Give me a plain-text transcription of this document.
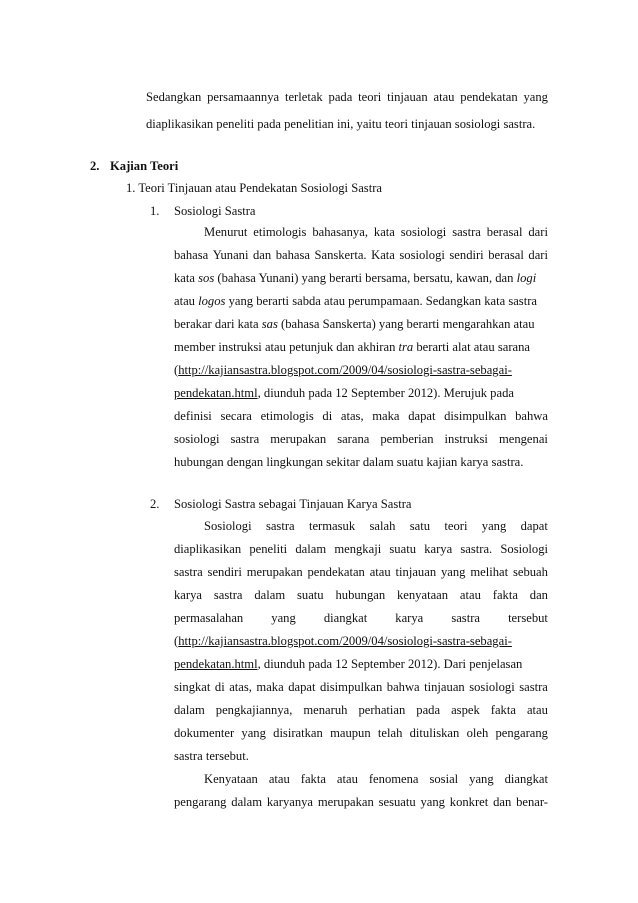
Sedangkan persamaannya terletak pada teori tinjauan atau pendekatan yang
diaplikasikan peneliti pada penelitian ini, yaitu teori tinjauan sosiologi sastra.
2. Kajian Teori
1. Teori Tinjauan atau Pendekatan Sosiologi Sastra
1. Sosiologi Sastra
Menurut etimologis bahasanya, kata sosiologi sastra berasal dari
bahasa Yunani dan bahasa Sanskerta. Kata sosiologi sendiri berasal dari
kata sos (bahasa Yunani) yang berarti bersama, bersatu, kawan, dan logi
atau logos yang berarti sabda atau perumpamaan. Sedangkan kata sastra
berakar dari kata sas (bahasa Sanskerta) yang berarti mengarahkan atau
member instruksi atau petunjuk dan akhiran tra berarti alat atau sarana
(http://kajiansastra.blogspot.com/2009/04/sosiologi-sastra-sebagai-
pendekatan.html, diunduh pada 12 September 2012). Merujuk pada
definisi secara etimologis di atas, maka dapat disimpulkan bahwa
sosiologi sastra merupakan sarana pemberian instruksi mengenai
hubungan dengan lingkungan sekitar dalam suatu kajian karya sastra.
2. Sosiologi Sastra sebagai Tinjauan Karya Sastra
Sosiologi sastra termasuk salah satu teori yang dapat
diaplikasikan peneliti dalam mengkaji suatu karya sastra. Sosiologi
sastra sendiri merupakan pendekatan atau tinjauan yang melihat sebuah
karya sastra dalam suatu hubungan kenyataan atau fakta dan
permasalahan yang diangkat karya sastra tersebut
(http://kajiansastra.blogspot.com/2009/04/sosiologi-sastra-sebagai-
pendekatan.html, diunduh pada 12 September 2012). Dari penjelasan
singkat di atas, maka dapat disimpulkan bahwa tinjauan sosiologi sastra
dalam pengkajiannya, menaruh perhatian pada aspek fakta atau
dokumenter yang disiratkan maupun telah dituliskan oleh pengarang
sastra tersebut.
Kenyataan atau fakta atau fenomena sosial yang diangkat
pengarang dalam karyanya merupakan sesuatu yang konkret dan benar-
